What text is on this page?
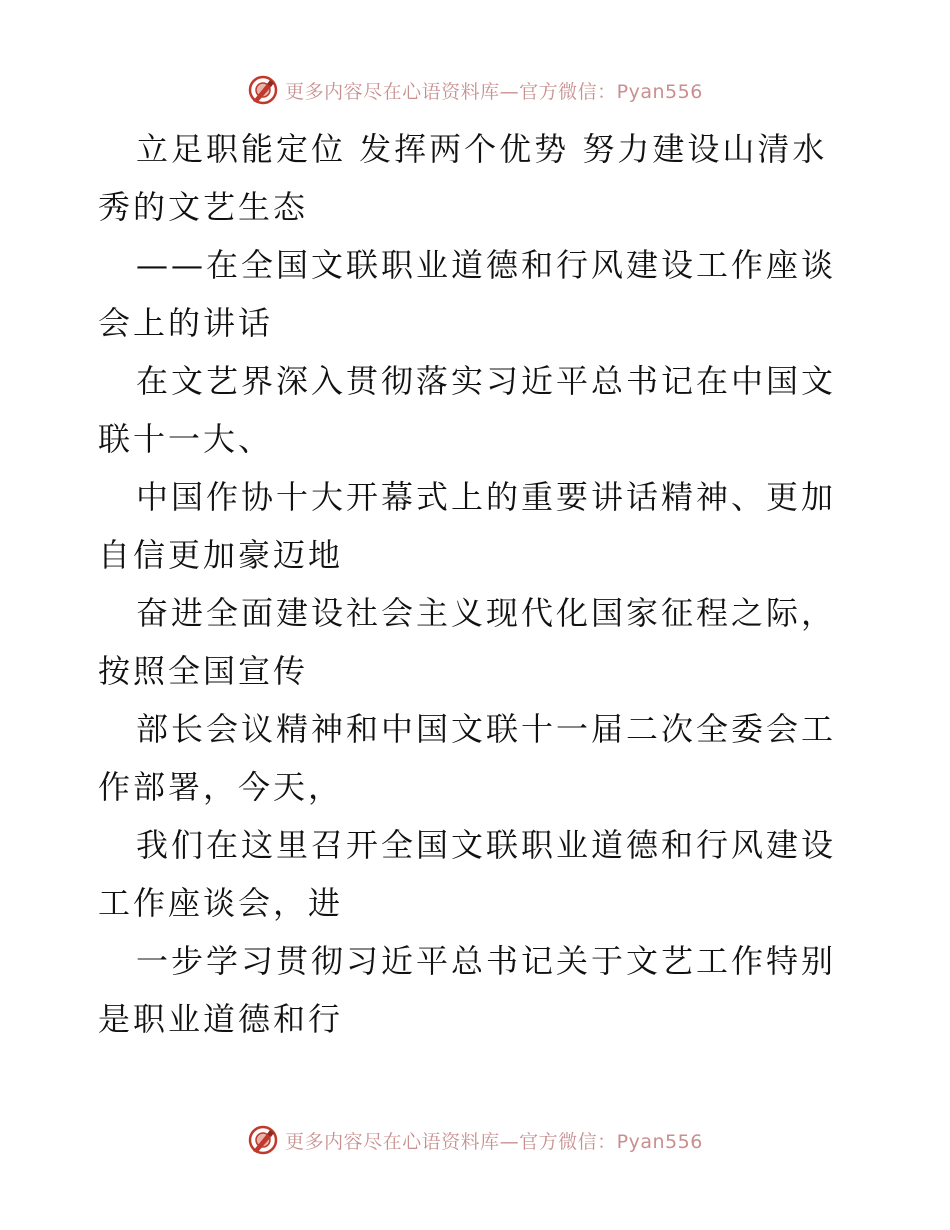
更多内容尽在心语资料库—官方微信：Pyan556

立足职能定位 发挥两个优势 努力建设山清水秀的文艺生态

——在全国文联职业道德和行风建设工作座谈会上的讲话

在文艺界深入贯彻落实习近平总书记在中国文联十一大、

中国作协十大开幕式上的重要讲话精神、更加自信更加豪迈地

奋进全面建设社会主义现代化国家征程之际，按照全国宣传

部长会议精神和中国文联十一届二次全委会工作部署，今天，

我们在这里召开全国文联职业道德和行风建设工作座谈会，进

一步学习贯彻习近平总书记关于文艺工作特别是职业道德和行

更多内容尽在心语资料库—官方微信：Pyan556
